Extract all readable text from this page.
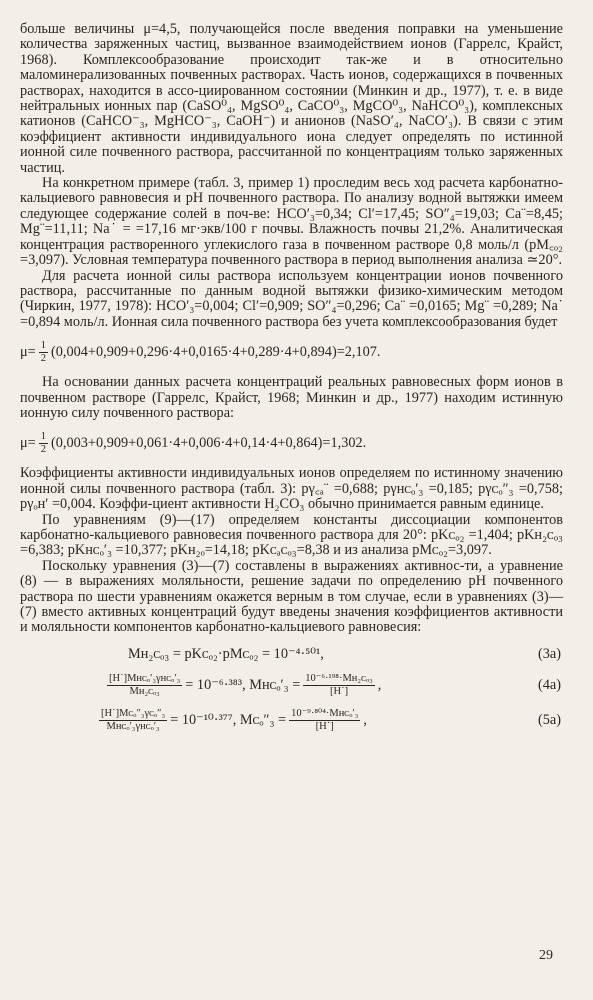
больше величины μ=4,5, получающейся после введения поправки на уменьшение количества заряженных частиц, вызванное взаимодействием ионов (Гаррелс, Крайст, 1968). Комплексообразование происходит так-же и в относительно маломинерализованных почвенных растворах. Часть ионов, содержащихся в почвенных растворах, находится в ассо-циированном состоянии (Минкин и др., 1977), т. е. в виде нейтральных ионных пар (CaSO⁰₄, MgSO⁰₄, CaCO⁰₃, MgCO⁰₃, NaHCO⁰₃), комплексных катионов (CaHCO⁻₃, MgHCO⁻₃, CaOH⁻) и анионов (NaSO′₄, NaCO′₃). В связи с этим коэффициент активности индивидуального иона следует определять по истинной ионной силе почвенного раствора, рассчитанной по концентрациям только заряженных частиц.

На конкретном примере (табл. 3, пример 1) проследим весь ход расчета карбонатно-кальциевого равновесия и рН почвенного раствора. По анализу водной вытяжки имеем следующее содержание солей в поч-ве: HCO′₃=0,34; Cl′=17,45; SO″₄=19,03; Ca¨=8,45; Mg¨=11,11; Na˙ = =17,16 мг·экв/100 г почвы. Влажность почвы 21,2%. Аналитическая концентрация растворенного углекислого газа в почвенном растворе 0,8 моль/л (pM꜀ₒ₂ =3,097). Условная температура почвенного раствора в период выполнения анализа ≃20°.

Для расчета ионной силы раствора используем концентрации ионов почвенного раствора, рассчитанные по данным водной вытяжки физико-химическим методом (Чиркин, 1977, 1978): HCO′₃=0,004; Cl′=0,909; SO″₄=0,296; Ca¨ =0,0165; Mg¨ =0,289; Na˙ =0,894 моль/л. Ионная сила почвенного раствора без учета комплексообразования будет

$\mu= \frac{1}{2} (0,004+0,909+0,296\cdot 4+0,0165\cdot 4+0,289\cdot 4+0,894)=2,107$.

На основании данных расчета концентраций реальных равновесных форм ионов в почвенном растворе (Гаррелс, Крайст, 1968; Минкин и др., 1977) находим истинную ионную силу почвенного раствора:

$\mu= \frac{1}{2} (0,003+0,909+0,061\cdot 4+0,006\cdot 4+0,14\cdot 4+0,864)=1,302$.

Коэффициенты активности индивидуальных ионов определяем по истинному значению ионной силы почвенного раствора (табл. 3): pγ꜀ₐ¨ =0,688; pγʜᴄₒ′₃ =0,185; pγᴄₒ″₃ =0,758; pγₒʜ′ =0,004. Коэффи-циент активности H₂CO₃ обычно принимается равным единице.

По уравнениям (9)—(17) определяем константы диссоциации компонентов карбонатно-кальциевого равновесия почвенного раствора для 20°: pKᴄₒ₂ =1,404; pKʜ₂ᴄₒ₃ =6,383; pKʜᴄₒ′₃ =10,377; pKʜ₂ₒ=14,18; pKᴄₐᴄₒ₃=8,38 и из анализа pMᴄₒ₂=3,097.

Поскольку уравнения (3)—(7) составлены в выражениях активнос-ти, а уравнение (8) — в выражениях моляльности, решение задачи по определению рН почвенного раствора по шести уравнениям окажется верным в том случае, если в уравнениях (3)—(7) вместо активных концентраций будут введены значения коэффициентов активности и моляльности компонентов карбонатно-кальциевого равновесия:

Mʜ₂ᴄₒ₃ = pKᴄₒ₂·pMᴄₒ₂ = 10⁻⁴·⁵⁰¹,	(3а)
$\frac{\text{[H˙]Mʜᴄₒ′₃γʜᴄₒ′₃}}{\text{Mʜ₂ᴄₒ₃}} = 10^{-6}\cdot^{383}$, Mʜᴄₒ′₃ = $\frac{\text{10⁻⁶·¹⁹⁸·Mʜ₂ᴄₒ₃}}{[H˙]}$ ,	(4а)
$\frac{\text{[H˙]Mᴄₒ″₃γᴄₒ″₃}}{\text{Mʜᴄₒ′₃γʜᴄₒ′₃}} = 10^{-10}\cdot^{377}$, Mᴄₒ″₃ = $\frac{\text{10⁻⁹·⁸⁰⁴·Mʜᴄₒ′₃}}{[H˙]}$ ,	(5а)
29
